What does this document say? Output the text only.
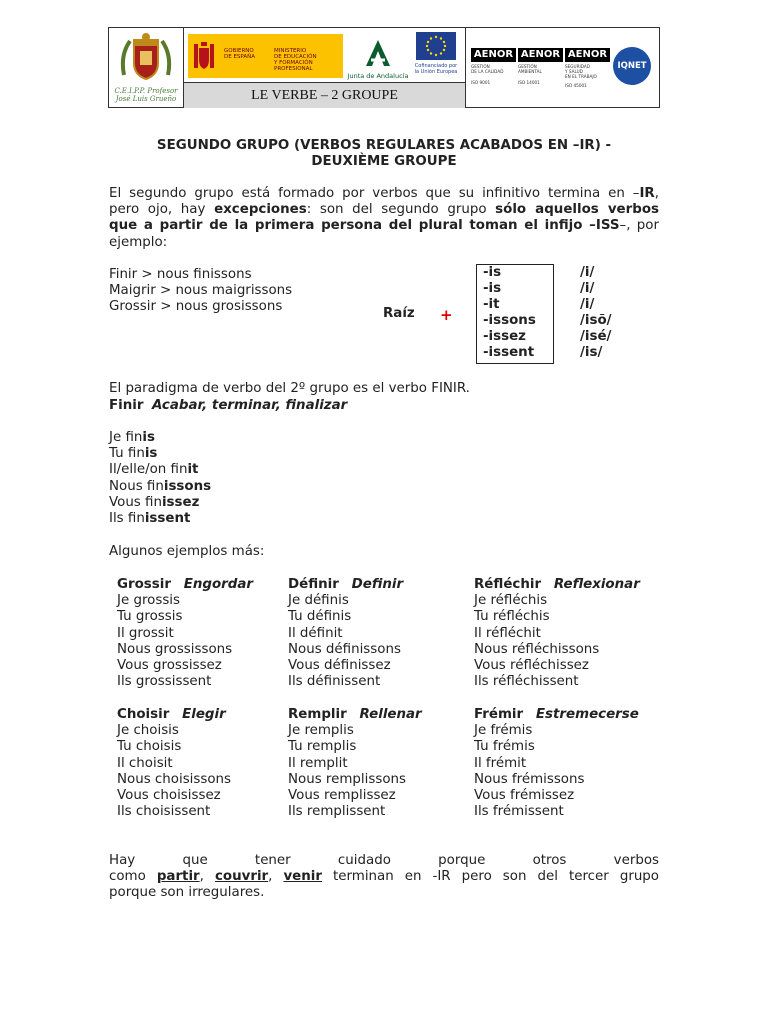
C.E.I.P.P. Profesor
José Luis Grueño
GOBIERNO
DE ESPAÑA
MINISTERIO
DE EDUCACIÓN
Y FORMACIÓN PROFESIONAL
Junta de Andalucía
Cofinanciado por
la Unión Europea
LE VERBE – 2 GROUPE
AENOR
GESTIÓN
DE LA CALIDAD
ISO 9001
AENOR
GESTIÓN
AMBIENTAL
ISO 14001
AENOR
SEGURIDAD
Y SALUD
EN EL TRABAJO
ISO 45001
IQNET
SEGUNDO GRUPO (VERBOS REGULARES ACABADOS EN –IR) -
DEUXIÈME GROUPE
El segundo grupo está formado por verbos que su infinitivo termina en –IR,
pero ojo, hay excepciones: son del segundo grupo sólo aquellos verbos
que a partir de la primera persona del plural toman el infijo –ISS–, por
ejemplo:
Finir > nous finissons
Maigrir > nous maigrissons
Grossir > nous grosissons	Raíz +
-is
-is
-it
-issons
-issez
-issent
/i/
/i/
/i/
/isõ/
/isé/
/is/
El paradigma de verbo del 2º grupo es el verbo FINIR.
Finir Acabar, terminar, finalizar
Je finis
Tu finis
Il/elle/on finit
Nous finissons
Vous finissez
Ils finissent
Algunos ejemplos más:
Grossir Engordar
Je grossis
Tu grossis
Il grossit
Nous grossissons
Vous grossissez
Ils grossissent
Définir Definir
Je définis
Tu définis
Il définit
Nous définissons
Vous définissez
Ils définissent
Réfléchir Reflexionar
Je réfléchis
Tu réfléchis
Il réfléchit
Nous réfléchissons
Vous réfléchissez
Ils réfléchissent
Choisir Elegir
Je choisis
Tu choisis
Il choisit
Nous choisissons
Vous choisissez
Ils choisissent
Remplir Rellenar
Je remplis
Tu remplis
Il remplit
Nous remplissons
Vous remplissez
Ils remplissent
Frémir Estremecerse
Je frémis
Tu frémis
Il frémit
Nous frémissons
Vous frémissez
Ils frémissent
Hay que tener cuidado porque otros verbos
como partir, couvrir, venir terminan en -IR pero son del tercer grupo
porque son irregulares.
